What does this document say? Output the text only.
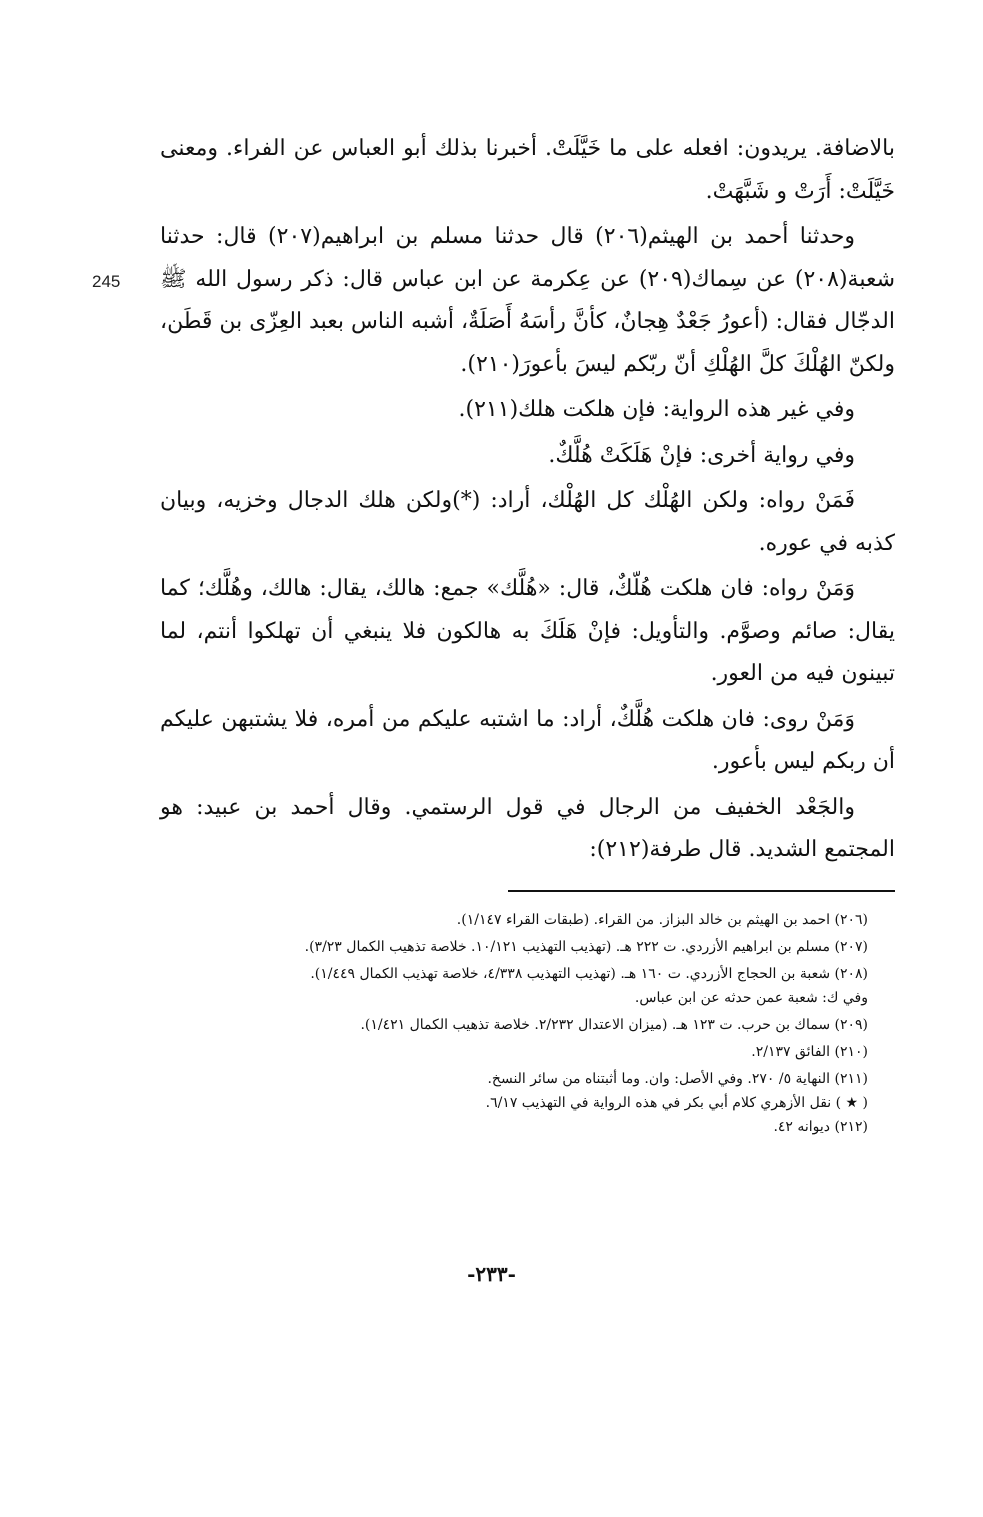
245

بالاضافة. يريدون: افعله على ما خَيَّلَتْ. أخبرنا بذلك أبو العباس عن الفراء. ومعنى خَيَّلَتْ: أَرَتْ و شَبَّهَتْ.

وحدثنا أحمد بن الهيثم(٢٠٦) قال حدثنا مسلم بن ابراهيم(٢٠٧) قال: حدثنا شعبة(٢٠٨) عن سِماك(٢٠٩) عن عِكرمة عن ابن عباس قال: ذكر رسول الله ﷺ الدجّال فقال: (أعورُ جَعْدٌ هِجانٌ، كأنَّ رأسَهُ أَصَلَةٌ، أشبه الناس بعبد العِزّى بن قَطَن، ولكنّ الهُلْكَ كلَّ الهُلْكِ أنّ ربّكم ليسَ بأعورَ(٢١٠).

وفي غير هذه الرواية: فإن هلكت هلك(٢١١).

وفي رواية أخرى: فإنْ هَلَكَتْ هُلَّكٌ.

فَمَنْ رواه: ولكن الهُلْك كل الهُلْك، أراد: (*)ولكن هلك الدجال وخزيه، وبيان كذبه في عوره.

وَمَنْ رواه: فان هلكت هُلّكٌ، قال: «هُلَّك» جمع: هالك، يقال: هالك، وهُلَّك؛ كما يقال: صائم وصوَّم. والتأويل: فإنْ هَلَكَ به هالكون فلا ينبغي أن تهلكوا أنتم، لما تبينون فيه من العور.

وَمَنْ روى: فان هلكت هُلَّكٌ، أراد: ما اشتبه عليكم من أمره، فلا يشتبهن عليكم أن ربكم ليس بأعور.

والجَعْد الخفيف من الرجال في قول الرستمي. وقال أحمد بن عبيد: هو المجتمع الشديد. قال طرفة(٢١٢):

(٢٠٦) احمد بن الهيثم بن خالد البزاز. من القراء. (طبقات القراء ١/١٤٧).

(٢٠٧) مسلم بن ابراهيم الأزردي. ت ٢٢٢ هـ. (تهذيب التهذيب ١٠/١٢١. خلاصة تذهيب الكمال ٣/٢٣).

(٢٠٨) شعبة بن الحجاج الأزردي. ت ١٦٠ هـ. (تهذيب التهذيب ٤/٣٣٨، خلاصة تهذيب الكمال ١/٤٤٩).

وفي ك: شعبة عمن حدثه عن ابن عباس.

(٢٠٩) سماك بن حرب. ت ١٢٣ هـ. (ميزان الاعتدال ٢/٢٣٢. خلاصة تذهيب الكمال ١/٤٢١).

(٢١٠) الفائق ٢/١٣٧.

(٢١١) النهاية ٥/ ٢٧٠. وفي الأصل: وان. وما أثبتناه من سائر النسخ.

( ★ ) نقل الأزهري كلام أبي بكر في هذه الرواية في التهذيب ٦/١٧.

(٢١٢) ديوانه ٤٢.

-٢٣٣-
